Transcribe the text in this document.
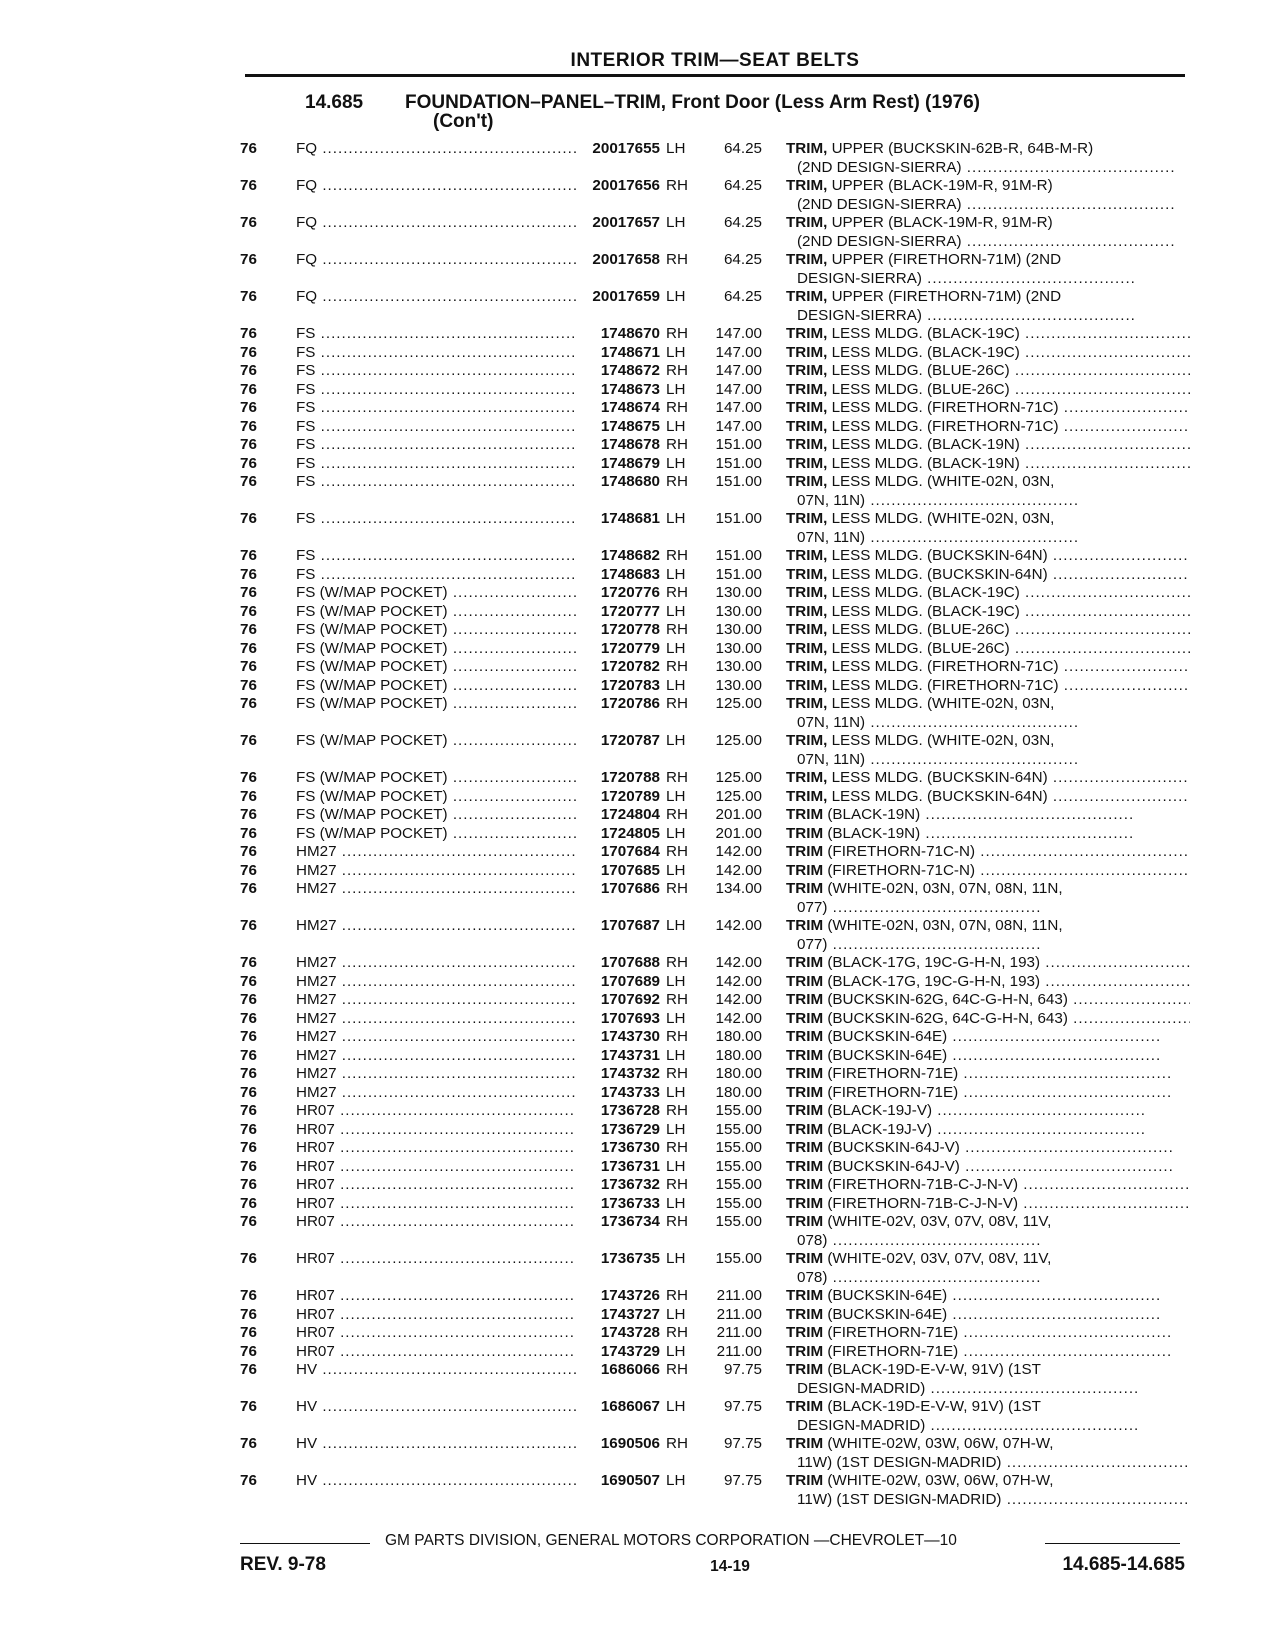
INTERIOR TRIM—SEAT BELTS
14.685 FOUNDATION–PANEL–TRIM, Front Door (Less Arm Rest) (1976)
(Con't)
76	FQ .....	20017655 LH	64.25	TRIM, UPPER (BUCKSKIN-62B-R, 64B-M-R)
(2ND DESIGN-SIERRA) .....
76	FQ .....	20017656 RH	64.25	TRIM, UPPER (BLACK-19M-R, 91M-R)
(2ND DESIGN-SIERRA) .....
76	FQ .....	20017657 LH	64.25	TRIM, UPPER (BLACK-19M-R, 91M-R)
(2ND DESIGN-SIERRA) .....
76	FQ .....	20017658 RH	64.25	TRIM, UPPER (FIRETHORN-71M) (2ND
DESIGN-SIERRA) .....
76	FQ .....	20017659 LH	64.25	TRIM, UPPER (FIRETHORN-71M) (2ND
DESIGN-SIERRA) .....
76	FS .....	1748670 RH	147.00	TRIM, LESS MLDG. (BLACK-19C) .....
76	FS .....	1748671 LH	147.00	TRIM, LESS MLDG. (BLACK-19C) .....
76	FS .....	1748672 RH	147.00	TRIM, LESS MLDG. (BLUE-26C) .....
76	FS .....	1748673 LH	147.00	TRIM, LESS MLDG. (BLUE-26C) .....
76	FS .....	1748674 RH	147.00	TRIM, LESS MLDG. (FIRETHORN-71C) .....
76	FS .....	1748675 LH	147.00	TRIM, LESS MLDG. (FIRETHORN-71C) .....
76	FS .....	1748678 RH	151.00	TRIM, LESS MLDG. (BLACK-19N) .....
76	FS .....	1748679 LH	151.00	TRIM, LESS MLDG. (BLACK-19N) .....
76	FS .....	1748680 RH	151.00	TRIM, LESS MLDG. (WHITE-02N, 03N,
07N, 11N) .....
76	FS .....	1748681 LH	151.00	TRIM, LESS MLDG. (WHITE-02N, 03N,
07N, 11N) .....
76	FS .....	1748682 RH	151.00	TRIM, LESS MLDG. (BUCKSKIN-64N) .....
76	FS .....	1748683 LH	151.00	TRIM, LESS MLDG. (BUCKSKIN-64N) .....
76	FS (W/MAP POCKET) .....	1720776 RH	130.00	TRIM, LESS MLDG. (BLACK-19C) .....
76	FS (W/MAP POCKET) .....	1720777 LH	130.00	TRIM, LESS MLDG. (BLACK-19C) .....
76	FS (W/MAP POCKET) .....	1720778 RH	130.00	TRIM, LESS MLDG. (BLUE-26C) .....
76	FS (W/MAP POCKET) .....	1720779 LH	130.00	TRIM, LESS MLDG. (BLUE-26C) .....
76	FS (W/MAP POCKET) .....	1720782 RH	130.00	TRIM, LESS MLDG. (FIRETHORN-71C) .....
76	FS (W/MAP POCKET) .....	1720783 LH	130.00	TRIM, LESS MLDG. (FIRETHORN-71C) .....
76	FS (W/MAP POCKET) .....	1720786 RH	125.00	TRIM, LESS MLDG. (WHITE-02N, 03N,
07N, 11N) .....
76	FS (W/MAP POCKET) .....	1720787 LH	125.00	TRIM, LESS MLDG. (WHITE-02N, 03N,
07N, 11N) .....
76	FS (W/MAP POCKET) .....	1720788 RH	125.00	TRIM, LESS MLDG. (BUCKSKIN-64N) .....
76	FS (W/MAP POCKET) .....	1720789 LH	125.00	TRIM, LESS MLDG. (BUCKSKIN-64N) .....
76	FS (W/MAP POCKET) .....	1724804 RH	201.00	TRIM (BLACK-19N) .....
76	FS (W/MAP POCKET) .....	1724805 LH	201.00	TRIM (BLACK-19N) .....
76	HM27 .....	1707684 RH	142.00	TRIM (FIRETHORN-71C-N) .....
76	HM27 .....	1707685 LH	142.00	TRIM (FIRETHORN-71C-N) .....
76	HM27 .....	1707686 RH	134.00	TRIM (WHITE-02N, 03N, 07N, 08N, 11N,
077) .....
76	HM27 .....	1707687 LH	142.00	TRIM (WHITE-02N, 03N, 07N, 08N, 11N,
077) .....
76	HM27 .....	1707688 RH	142.00	TRIM (BLACK-17G, 19C-G-H-N, 193) .....
76	HM27 .....	1707689 LH	142.00	TRIM (BLACK-17G, 19C-G-H-N, 193) .....
76	HM27 .....	1707692 RH	142.00	TRIM (BUCKSKIN-62G, 64C-G-H-N, 643) .....
76	HM27 .....	1707693 LH	142.00	TRIM (BUCKSKIN-62G, 64C-G-H-N, 643) .....
76	HM27 .....	1743730 RH	180.00	TRIM (BUCKSKIN-64E) .....
76	HM27 .....	1743731 LH	180.00	TRIM (BUCKSKIN-64E) .....
76	HM27 .....	1743732 RH	180.00	TRIM (FIRETHORN-71E) .....
76	HM27 .....	1743733 LH	180.00	TRIM (FIRETHORN-71E) .....
76	HR07 .....	1736728 RH	155.00	TRIM (BLACK-19J-V) .....
76	HR07 .....	1736729 LH	155.00	TRIM (BLACK-19J-V) .....
76	HR07 .....	1736730 RH	155.00	TRIM (BUCKSKIN-64J-V) .....
76	HR07 .....	1736731 LH	155.00	TRIM (BUCKSKIN-64J-V) .....
76	HR07 .....	1736732 RH	155.00	TRIM (FIRETHORN-71B-C-J-N-V) .....
76	HR07 .....	1736733 LH	155.00	TRIM (FIRETHORN-71B-C-J-N-V) .....
76	HR07 .....	1736734 RH	155.00	TRIM (WHITE-02V, 03V, 07V, 08V, 11V,
078) .....
76	HR07 .....	1736735 LH	155.00	TRIM (WHITE-02V, 03V, 07V, 08V, 11V,
078) .....
76	HR07 .....	1743726 RH	211.00	TRIM (BUCKSKIN-64E) .....
76	HR07 .....	1743727 LH	211.00	TRIM (BUCKSKIN-64E) .....
76	HR07 .....	1743728 RH	211.00	TRIM (FIRETHORN-71E) .....
76	HR07 .....	1743729 LH	211.00	TRIM (FIRETHORN-71E) .....
76	HV .....	1686066 RH	97.75	TRIM (BLACK-19D-E-V-W, 91V) (1ST
DESIGN-MADRID) .....
76	HV .....	1686067 LH	97.75	TRIM (BLACK-19D-E-V-W, 91V) (1ST
DESIGN-MADRID) .....
76	HV .....	1690506 RH	97.75	TRIM (WHITE-02W, 03W, 06W, 07H-W,
11W) (1ST DESIGN-MADRID) .....
76	HV .....	1690507 LH	97.75	TRIM (WHITE-02W, 03W, 06W, 07H-W,
11W) (1ST DESIGN-MADRID) .....
GM PARTS DIVISION, GENERAL MOTORS CORPORATION —CHEVROLET—10
REV. 9-78	14-19	14.685-14.685
